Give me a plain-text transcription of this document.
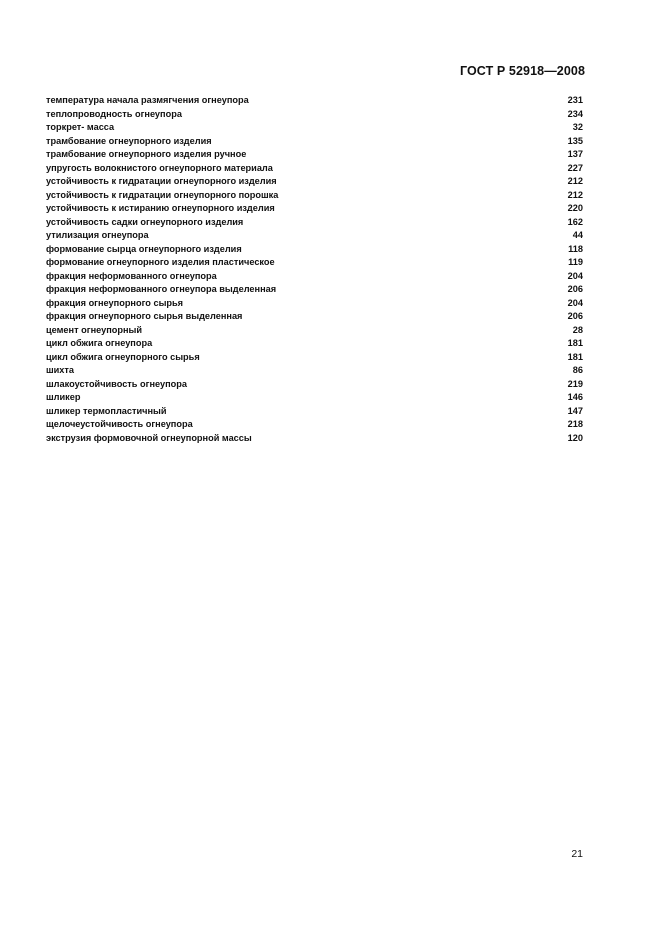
ГОСТ Р 52918—2008
температура начала размягчения огнеупора	231
теплопроводность огнеупора	234
торкрет- масса	32
трамбование огнеупорного изделия	135
трамбование огнеупорного изделия ручное	137
упругость волокнистого огнеупорного материала	227
устойчивость к гидратации огнеупорного изделия	212
устойчивость к гидратации огнеупорного порошка	212
устойчивость к истиранию огнеупорного изделия	220
устойчивость садки огнеупорного изделия	162
утилизация огнеупора	44
формование сырца огнеупорного изделия	118
формование огнеупорного изделия пластическое	119
фракция неформованного огнеупора	204
фракция неформованного огнеупора выделенная	206
фракция огнеупорного сырья	204
фракция огнеупорного сырья выделенная	206
цемент огнеупорный	28
цикл обжига огнеупора	181
цикл обжига огнеупорного сырья	181
шихта	86
шлакоустойчивость огнеупора	219
шликер	146
шликер термопластичный	147
щелочеустойчивость огнеупора	218
экструзия формовочной огнеупорной массы	120
21
